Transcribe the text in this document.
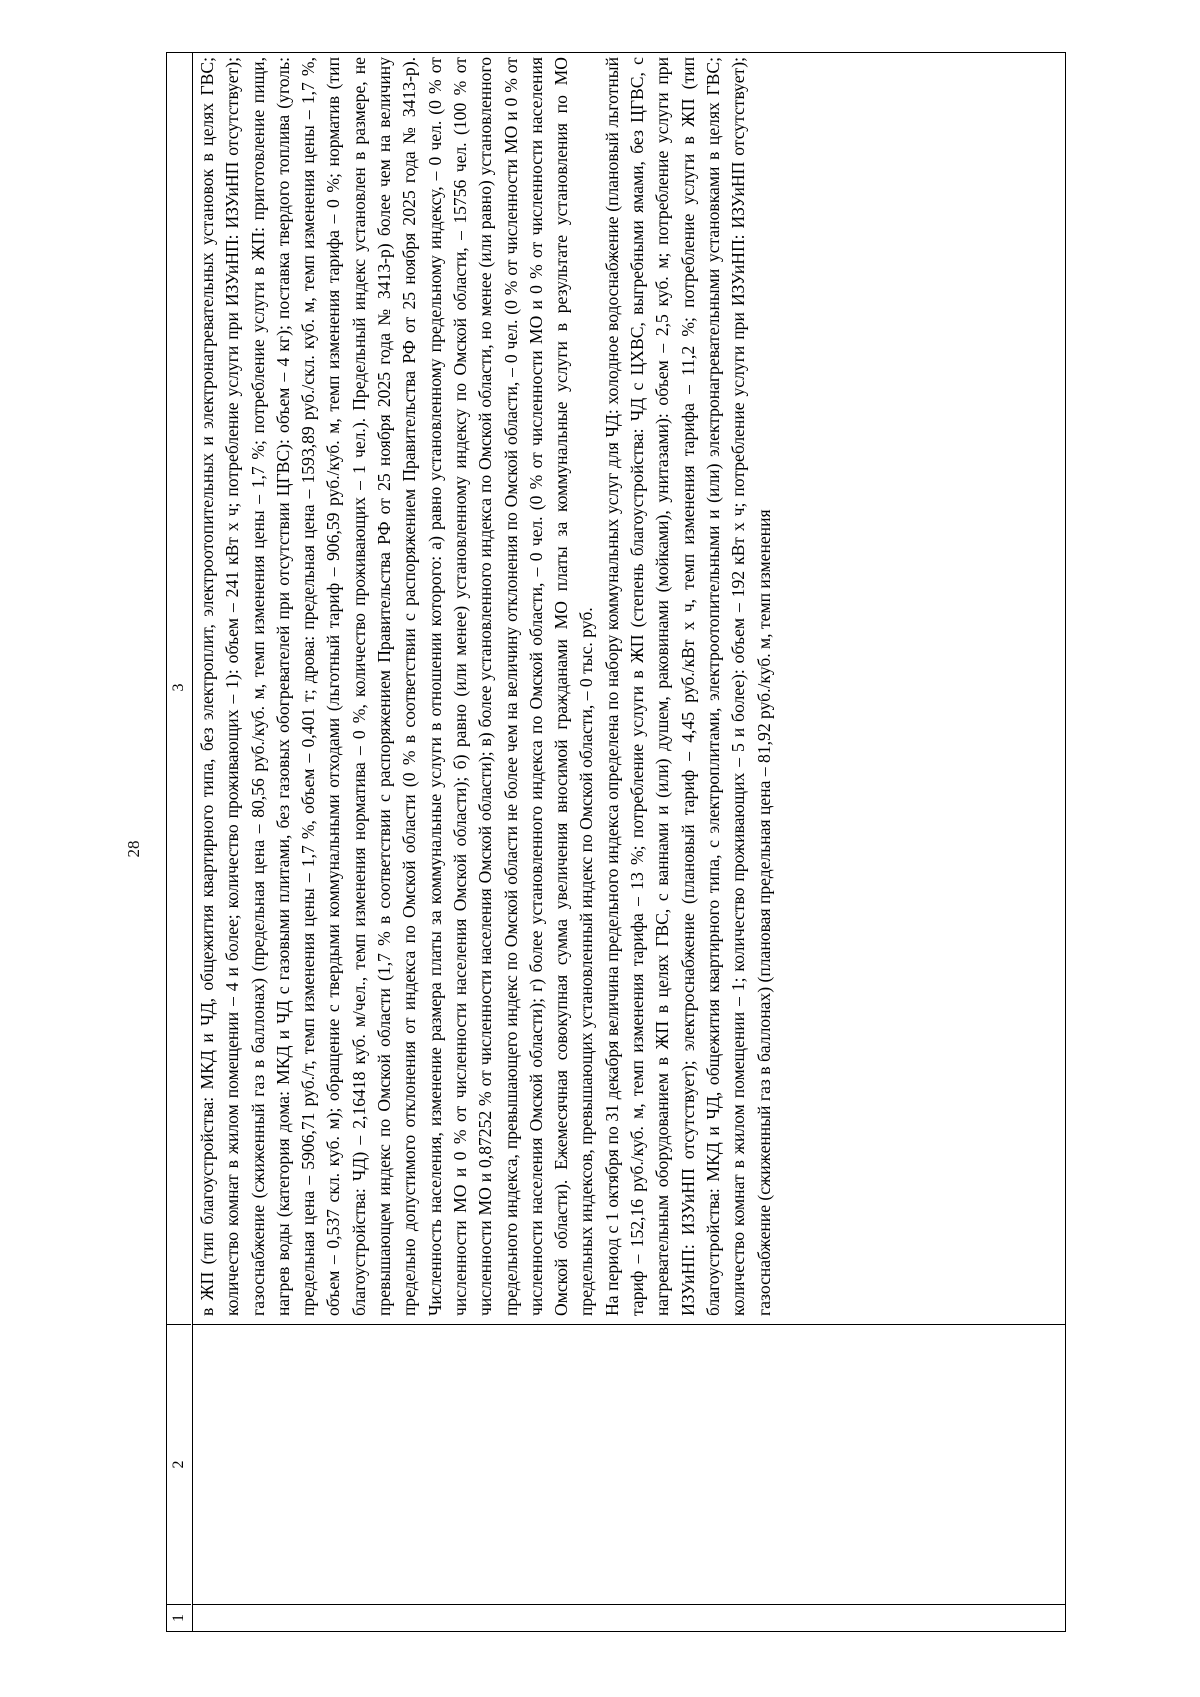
28
1
2
3 в ЖП (тип благоустройства: МКД и ЧД, общежития квартирного типа, без электроплит, электроотопительных и электронагревательных установок в целях ГВС; количество комнат в жилом помещении – 4 и более; количество проживающих – 1): объем – 241 кВт х ч; потребление услуги при ИЗУиНП: ИЗУиНП отсутствует); газоснабжение (сжиженный газ в баллонах) (предельная цена – 80,56 руб./куб. м, темп изменения цены – 1,7 %; потребление услуги в ЖП: приготовление пищи, нагрев воды (категория дома: МКД и ЧД с газовыми плитами, без газовых обогревателей при отсутствии ЦГВС): объем – 4 кг); поставка твердого топлива (уголь: предельная цена – 5906,71 руб./т, темп изменения цены – 1,7 %, объем – 0,401 т; дрова: предельная цена – 1593,89 руб./скл. куб. м, темп изменения цены – 1,7 %, объем – 0,537 скл. куб. м); обращение с твердыми коммунальными отходами (льготный тариф – 906,59 руб./куб. м, темп изменения тарифа – 0 %; норматив (тип благоустройства: ЧД) – 2,16418 куб. м/чел., темп изменения норматива – 0 %, количество проживающих – 1 чел.). Предельный индекс установлен в размере, не превышающем индекс по Омской области (1,7 % в соответствии с распоряжением Правительства РФ от 25 ноября 2025 года № 3413-р) более чем на величину предельно допустимого отклонения от индекса по Омской области (0 % в соответствии с распоряжением Правительства РФ от 25 ноября 2025 года № 3413-р). Численность населения, изменение размера платы за коммунальные услуги в отношении которого: а) равно установленному предельному индексу, – 0 чел. (0 % от численности МО и 0 % от численности населения Омской области); б) равно (или менее) установленному индексу по Омской области, – 15756 чел. (100 % от численности МО и 0,87252 % от численности населения Омской области); в) более установленного индекса по Омской области, но менее (или равно) установленного предельного индекса, превышающего индекс по Омской области не более чем на величину отклонения по Омской области, – 0 чел. (0 % от численности МО и 0 % от численности населения Омской области); г) более установленного индекса по Омской области, – 0 чел. (0 % от численности МО и 0 % от численности населения Омской области). Ежемесячная совокупная сумма увеличения вносимой гражданами МО платы за коммунальные услуги в результате установления по МО предельных индексов, превышающих установленный индекс по Омской области, – 0 тыс. руб. На период с 1 октября по 31 декабря величина предельного индекса определена по набору коммунальных услуг для ЧД: холодное водоснабжение (плановый льготный тариф – 152,16 руб./куб. м, темп изменения тарифа – 13 %; потребление услуги в ЖП (степень благоустройства: ЧД с ЦХВС, выгребными ямами, без ЦГВС, с нагревательным оборудованием в ЖП в целях ГВС, с ваннами и (или) душем, раковинами (мойками), унитазами): объем – 2,5 куб. м; потребление услуги при ИЗУиНП: ИЗУиНП отсутствует); электроснабжение (плановый тариф – 4,45 руб./кВт х ч, темп изменения тарифа – 11,2 %; потребление услуги в ЖП (тип благоустройства: МКД и ЧД, общежития квартирного типа, с электроплитами, электроотопительными и (или) электронагревательными установками в целях ГВС; количество комнат в жилом помещении – 1; количество проживающих – 5 и более): объем – 192 кВт х ч; потребление услуги при ИЗУиНП: ИЗУиНП отсутствует); газоснабжение (сжиженный газ в баллонах) (плановая предельная цена – 81,92 руб./куб. м, темп изменения
